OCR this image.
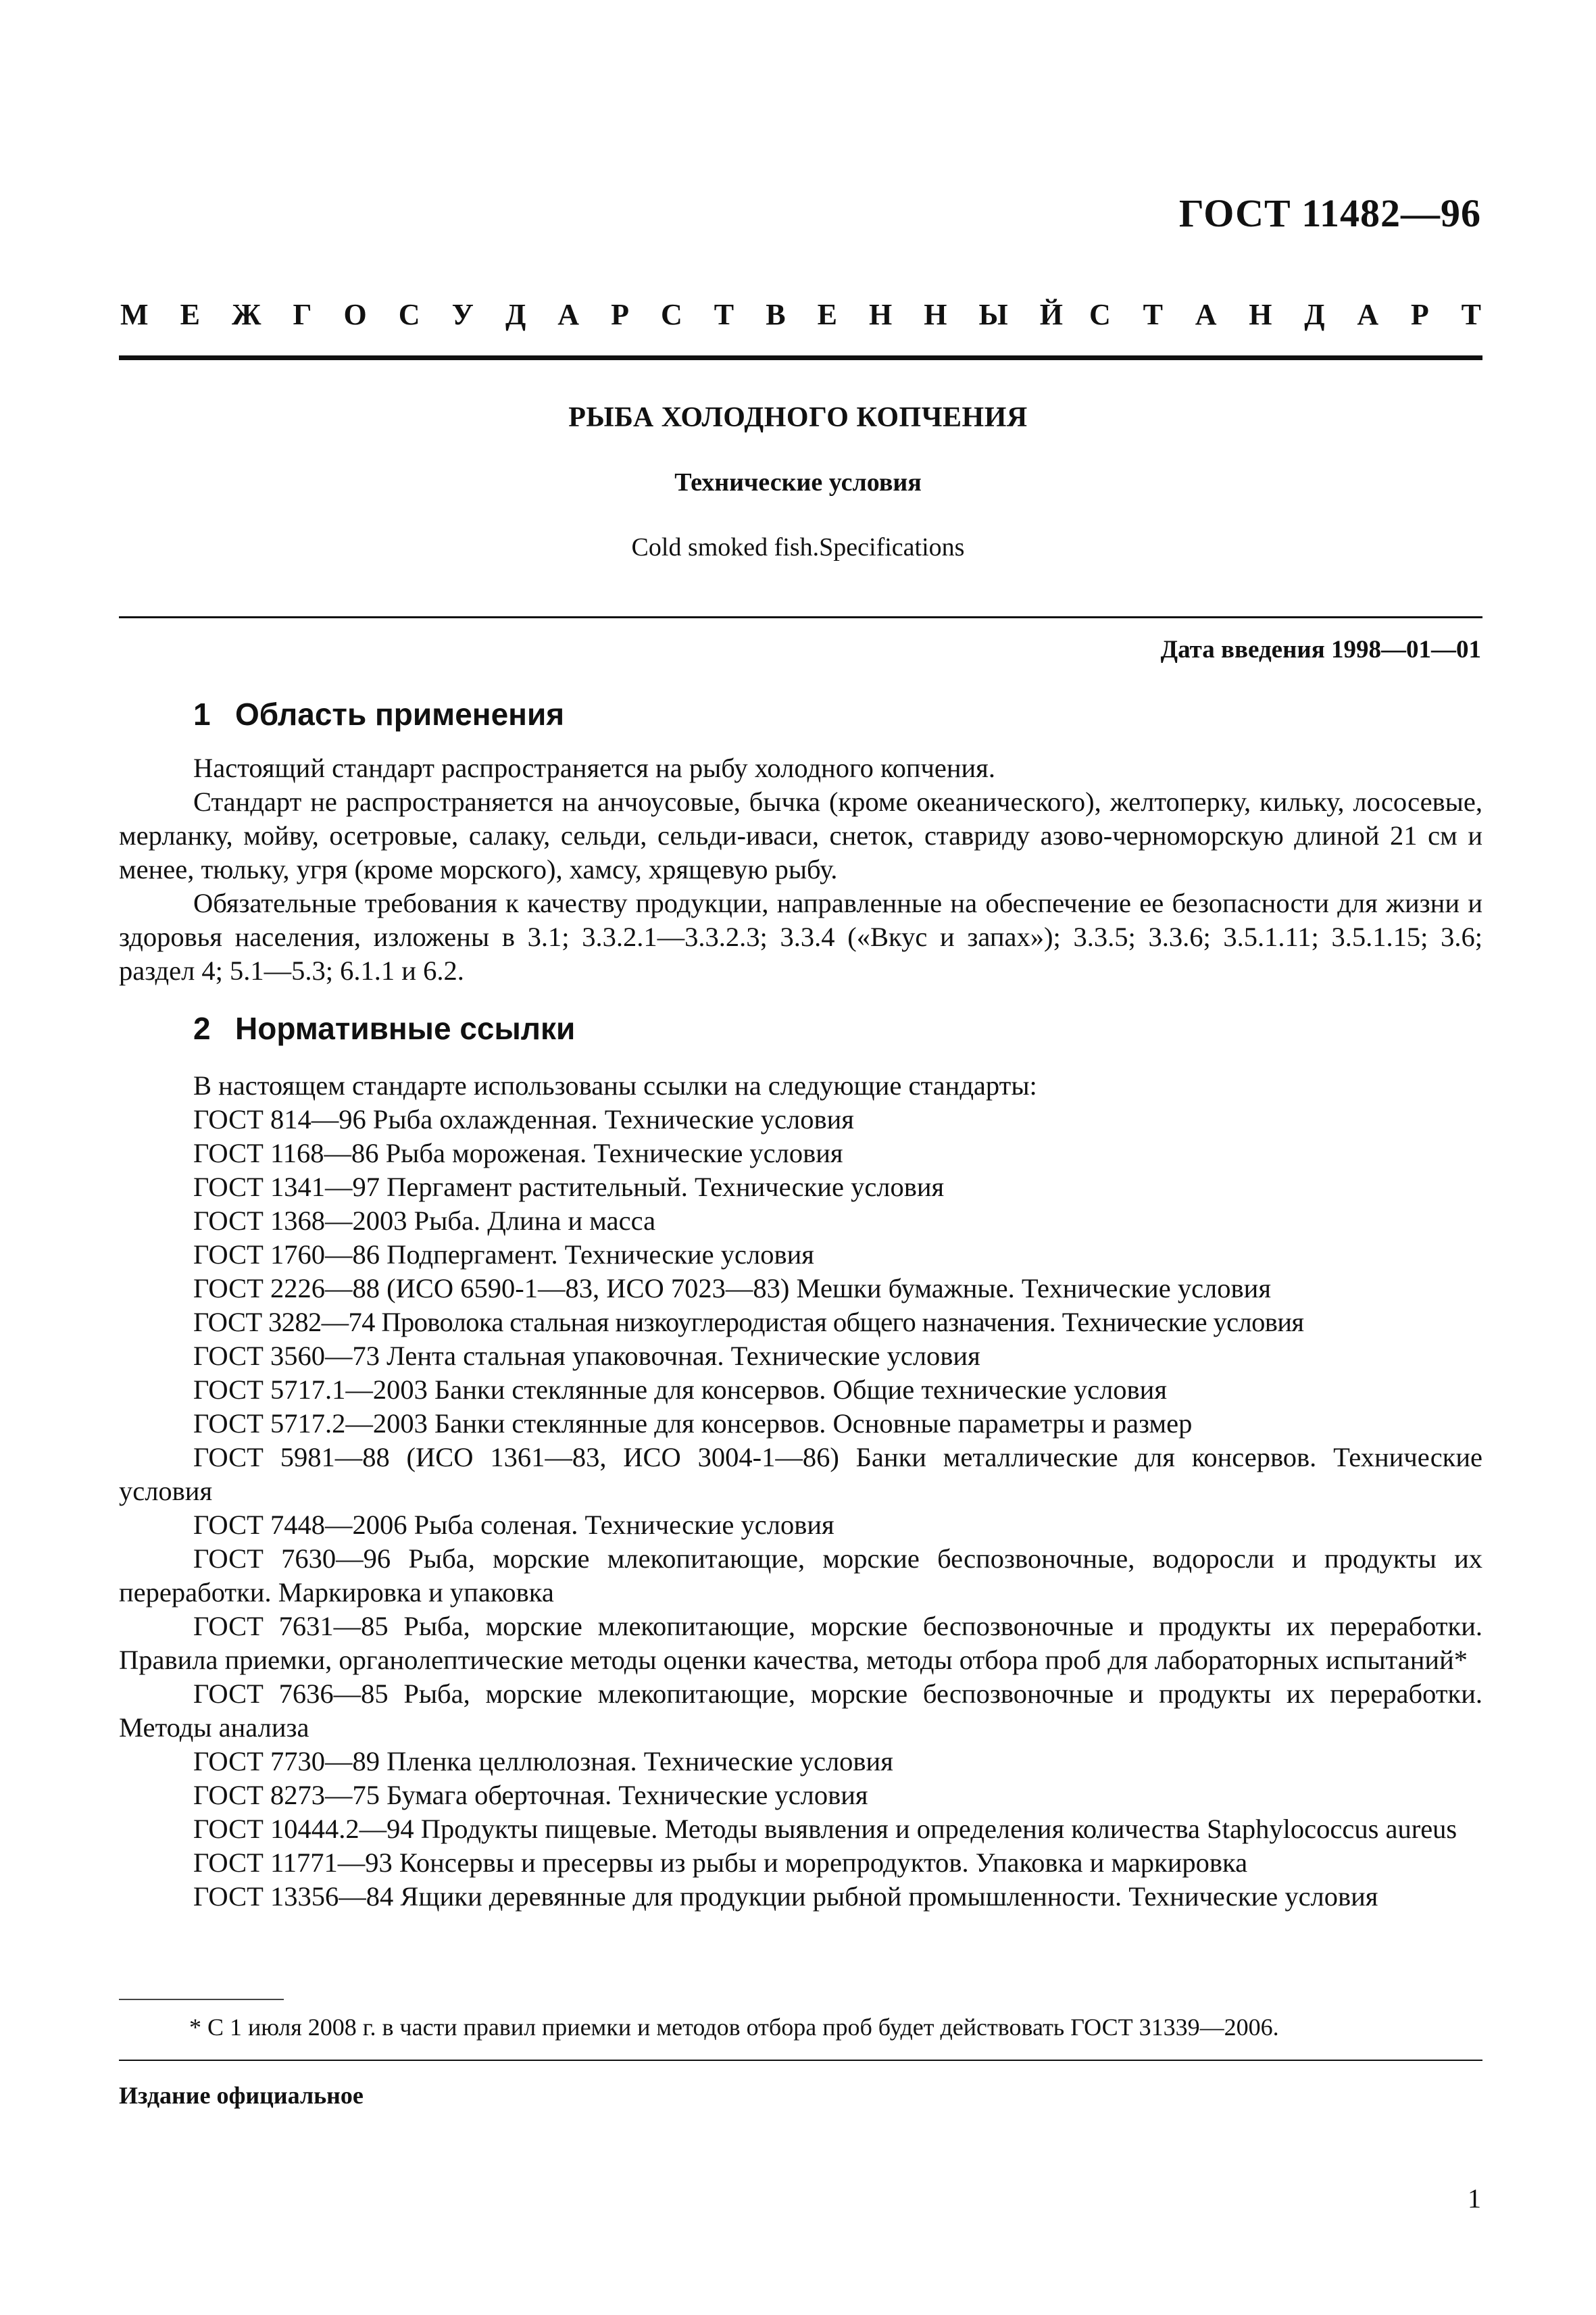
ГОСТ 11482—96
М Е Ж Г О С У Д А Р С Т В Е Н Н Ы Й С Т А Н Д А Р Т
РЫБА ХОЛОДНОГО КОПЧЕНИЯ
Технические условия
Cold smoked fish.Specifications
Дата введения 1998—01—01
1 Область применения

Настоящий стандарт распространяется на рыбу холодного копчения.

Стандарт не распространяется на анчоусовые, бычка (кроме океанического), желтоперку, кильку, лососевые, мерланку, мойву, осетровые, салаку, сельди, сельди-иваси, снеток, ставриду азово-черноморскую длиной 21 см и менее, тюльку, угря (кроме морского), хамсу, хрящевую рыбу.

Обязательные требования к качеству продукции, направленные на обеспечение ее безопасности для жизни и здоровья населения, изложены в 3.1; 3.3.2.1—3.3.2.3; 3.3.4 («Вкус и запах»); 3.3.5; 3.3.6; 3.5.1.11; 3.5.1.15; 3.6; раздел 4; 5.1—5.3; 6.1.1 и 6.2.

2 Нормативные ссылки

В настоящем стандарте использованы ссылки на следующие стандарты:

ГОСТ 814—96 Рыба охлажденная. Технические условия

ГОСТ 1168—86 Рыба мороженая. Технические условия

ГОСТ 1341—97 Пергамент растительный. Технические условия

ГОСТ 1368—2003 Рыба. Длина и масса

ГОСТ 1760—86 Подпергамент. Технические условия

ГОСТ 2226—88 (ИСО 6590-1—83, ИСО 7023—83) Мешки бумажные. Технические условия

ГОСТ 3282—74 Проволока стальная низкоуглеродистая общего назначения. Технические условия

ГОСТ 3560—73 Лента стальная упаковочная. Технические условия

ГОСТ 5717.1—2003 Банки стеклянные для консервов. Общие технические условия

ГОСТ 5717.2—2003 Банки стеклянные для консервов. Основные параметры и размер

ГОСТ 5981—88 (ИСО 1361—83, ИСО 3004-1—86) Банки металлические для консервов. Технические условия

ГОСТ 7448—2006 Рыба соленая. Технические условия

ГОСТ 7630—96 Рыба, морские млекопитающие, морские беспозвоночные, водоросли и продукты их переработки. Маркировка и упаковка

ГОСТ 7631—85 Рыба, морские млекопитающие, морские беспозвоночные и продукты их переработки. Правила приемки, органолептические методы оценки качества, методы отбора проб для лабораторных испытаний*

ГОСТ 7636—85 Рыба, морские млекопитающие, морские беспозвоночные и продукты их переработки. Методы анализа

ГОСТ 7730—89 Пленка целлюлозная. Технические условия

ГОСТ 8273—75 Бумага оберточная. Технические условия

ГОСТ 10444.2—94 Продукты пищевые. Методы выявления и определения количества Staphylococcus aureus

ГОСТ 11771—93 Консервы и пресервы из рыбы и морепродуктов. Упаковка и маркировка

ГОСТ 13356—84 Ящики деревянные для продукции рыбной промышленности. Технические условия

* С 1 июля 2008 г. в части правил приемки и методов отбора проб будет действовать ГОСТ 31339—2006.
Издание официальное
1
